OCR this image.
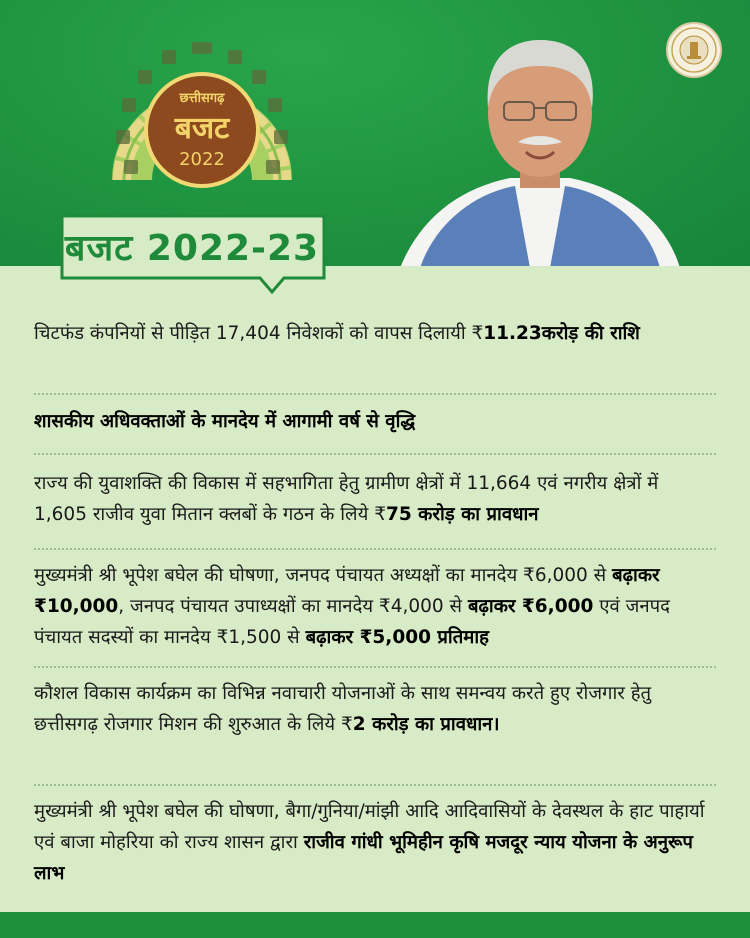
छत्तीसगढ़
बजट
2022
बजट 2022-23
चिटफंड कंपनियों से पीड़ित 17,404 निवेशकों को वापस दिलायी ₹11.23करोड़ की राशि
शासकीय अधिवक्ताओं के मानदेय में आगामी वर्ष से वृद्धि
राज्य की युवाशक्ति की विकास में सहभागिता हेतु ग्रामीण क्षेत्रों में 11,664 एवं नगरीय क्षेत्रों में 1,605 राजीव युवा मितान क्लबों के गठन के लिये ₹75 करोड़ का प्रावधान
मुख्यमंत्री श्री भूपेश बघेल की घोषणा, जनपद पंचायत अध्यक्षों का मानदेय ₹6,000 से बढ़ाकर ₹10,000, जनपद पंचायत उपाध्यक्षों का मानदेय ₹4,000 से बढ़ाकर ₹6,000 एवं जनपद पंचायत सदस्यों का मानदेय ₹1,500 से बढ़ाकर ₹5,000 प्रतिमाह
कौशल विकास कार्यक्रम का विभिन्न नवाचारी योजनाओं के साथ समन्वय करते हुए रोजगार हेतु छत्तीसगढ़ रोजगार मिशन की शुरुआत के लिये ₹2 करोड़ का प्रावधान।
मुख्यमंत्री श्री भूपेश बघेल की घोषणा, बैगा/गुनिया/मांझी आदि आदिवासियों के देवस्थल के हाट पाहार्या एवं बाजा मोहरिया को राज्य शासन द्वारा राजीव गांधी भूमिहीन कृषि मजदूर न्याय योजना के अनुरूप लाभ
